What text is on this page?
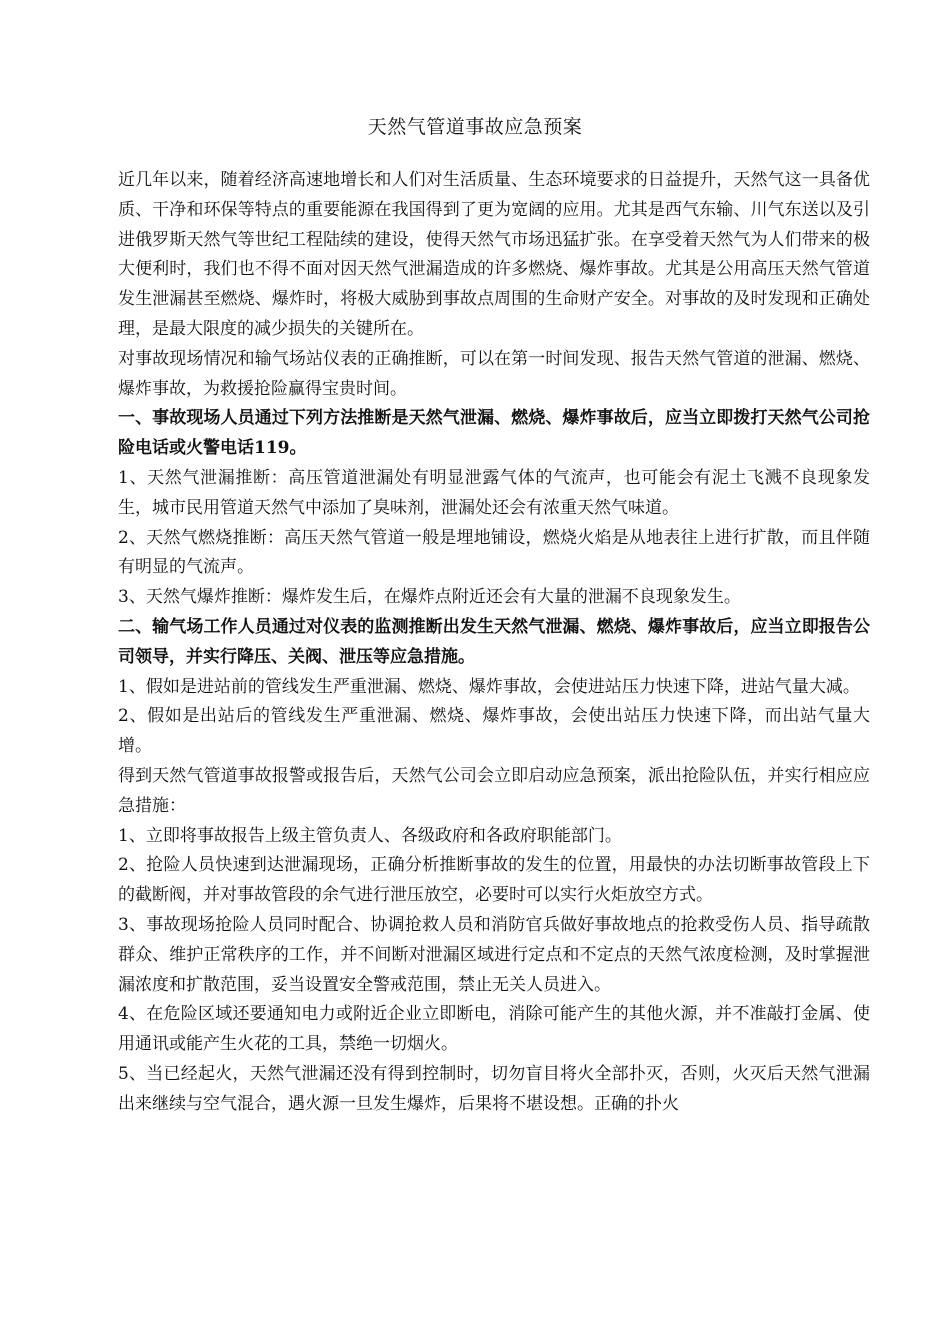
天然气管道事故应急预案

近几年以来，随着经济高速地增长和人们对生活质量、生态环境要求的日益提升，天然气这一具备优质、干净和环保等特点的重要能源在我国得到了更为宽阔的应用。尤其是西气东输、川气东送以及引进俄罗斯天然气等世纪工程陆续的建设，使得天然气市场迅猛扩张。在享受着天然气为人们带来的极大便利时，我们也不得不面对因天然气泄漏造成的许多燃烧、爆炸事故。尤其是公用高压天然气管道发生泄漏甚至燃烧、爆炸时，将极大威胁到事故点周围的生命财产安全。对事故的及时发现和正确处理，是最大限度的减少损失的关键所在。

对事故现场情况和输气场站仪表的正确推断，可以在第一时间发现、报告天然气管道的泄漏、燃烧、爆炸事故，为救援抢险赢得宝贵时间。

一、事故现场人员通过下列方法推断是天然气泄漏、燃烧、爆炸事故后，应当立即拨打天然气公司抢险电话或火警电话119。

1、天然气泄漏推断：高压管道泄漏处有明显泄露气体的气流声，也可能会有泥土飞溅不良现象发生，城市民用管道天然气中添加了臭味剂，泄漏处还会有浓重天然气味道。

2、天然气燃烧推断：高压天然气管道一般是埋地铺设，燃烧火焰是从地表往上进行扩散，而且伴随有明显的气流声。

3、天然气爆炸推断：爆炸发生后，在爆炸点附近还会有大量的泄漏不良现象发生。

二、输气场工作人员通过对仪表的监测推断出发生天然气泄漏、燃烧、爆炸事故后，应当立即报告公司领导，并实行降压、关阀、泄压等应急措施。

1、假如是进站前的管线发生严重泄漏、燃烧、爆炸事故，会使进站压力快速下降，进站气量大减。

2、假如是出站后的管线发生严重泄漏、燃烧、爆炸事故，会使出站压力快速下降，而出站气量大增。

得到天然气管道事故报警或报告后，天然气公司会立即启动应急预案，派出抢险队伍，并实行相应应急措施：

1、立即将事故报告上级主管负责人、各级政府和各政府职能部门。

2、抢险人员快速到达泄漏现场，正确分析推断事故的发生的位置，用最快的办法切断事故管段上下的截断阀，并对事故管段的余气进行泄压放空，必要时可以实行火炬放空方式。

3、事故现场抢险人员同时配合、协调抢救人员和消防官兵做好事故地点的抢救受伤人员、指导疏散群众、维护正常秩序的工作，并不间断对泄漏区域进行定点和不定点的天然气浓度检测，及时掌握泄漏浓度和扩散范围，妥当设置安全警戒范围，禁止无关人员进入。

4、在危险区域还要通知电力或附近企业立即断电，消除可能产生的其他火源，并不准敲打金属、使用通讯或能产生火花的工具，禁绝一切烟火。

5、当已经起火，天然气泄漏还没有得到控制时，切勿盲目将火全部扑灭，否则，火灭后天然气泄漏出来继续与空气混合，遇火源一旦发生爆炸，后果将不堪设想。正确的扑火
